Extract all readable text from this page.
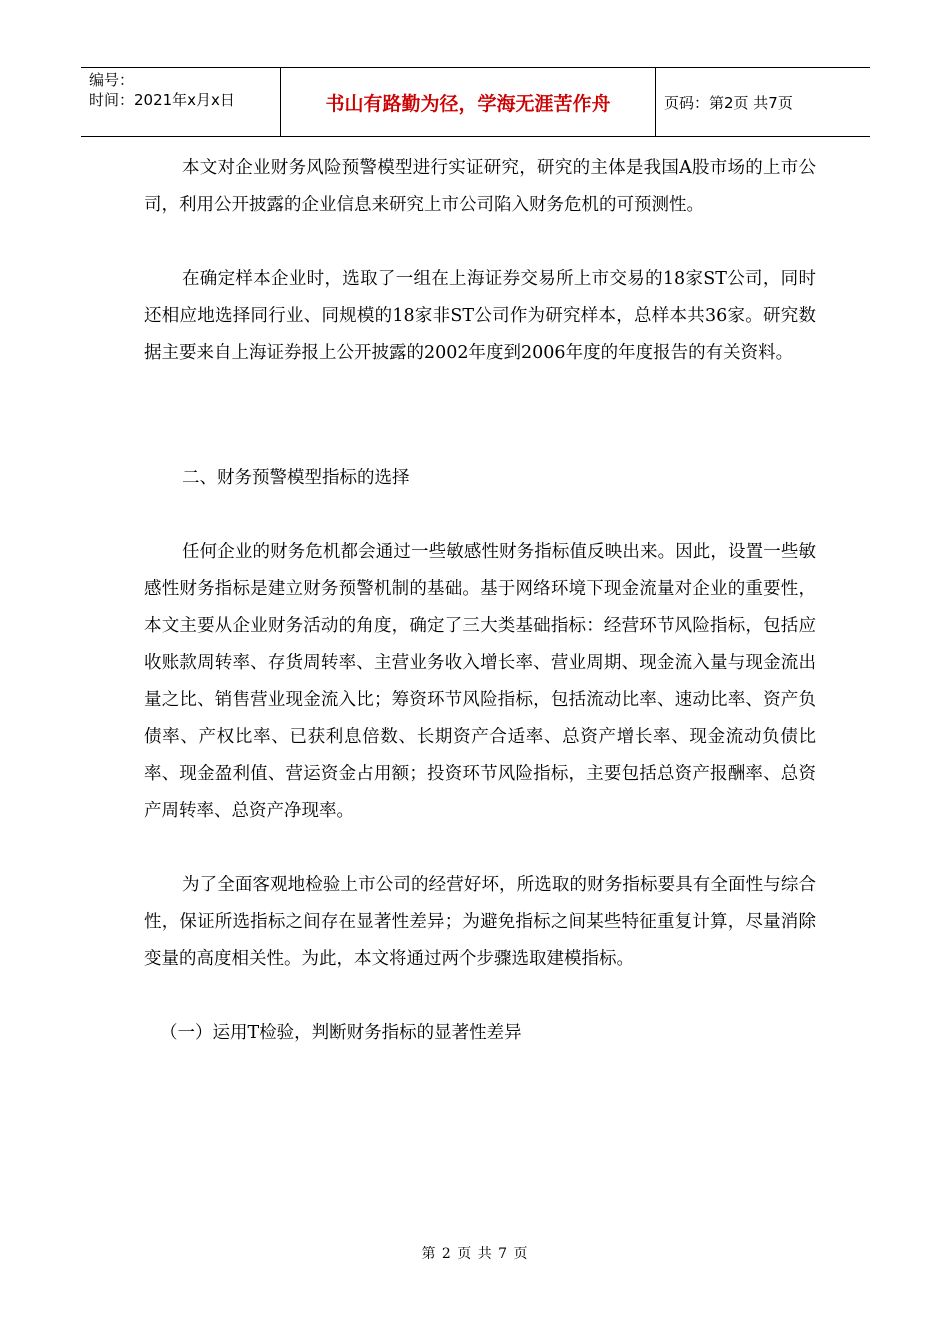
编号：
时间：2021年x月x日	书山有路勤为径，学海无涯苦作舟	页码：第2页 共7页

本文对企业财务风险预警模型进行实证研究，研究的主体是我国A股市场的上市公司，利用公开披露的企业信息来研究上市公司陷入财务危机的可预测性。

在确定样本企业时，选取了一组在上海证券交易所上市交易的18家ST公司，同时还相应地选择同行业、同规模的18家非ST公司作为研究样本，总样本共36家。研究数据主要来自上海证券报上公开披露的2002年度到2006年度的年度报告的有关资料。

二、财务预警模型指标的选择

任何企业的财务危机都会通过一些敏感性财务指标值反映出来。因此，设置一些敏感性财务指标是建立财务预警机制的基础。基于网络环境下现金流量对企业的重要性，本文主要从企业财务活动的角度，确定了三大类基础指标：经营环节风险指标，包括应收账款周转率、存货周转率、主营业务收入增长率、营业周期、现金流入量与现金流出量之比、销售营业现金流入比；筹资环节风险指标，包括流动比率、速动比率、资产负债率、产权比率、已获利息倍数、长期资产合适率、总资产增长率、现金流动负债比率、现金盈利值、营运资金占用额；投资环节风险指标，主要包括总资产报酬率、总资产周转率、总资产净现率。

为了全面客观地检验上市公司的经营好坏，所选取的财务指标要具有全面性与综合性，保证所选指标之间存在显著性差异；为避免指标之间某些特征重复计算，尽量消除变量的高度相关性。为此，本文将通过两个步骤选取建模指标。

（一）运用T检验，判断财务指标的显著性差异

第 2 页 共 7 页
